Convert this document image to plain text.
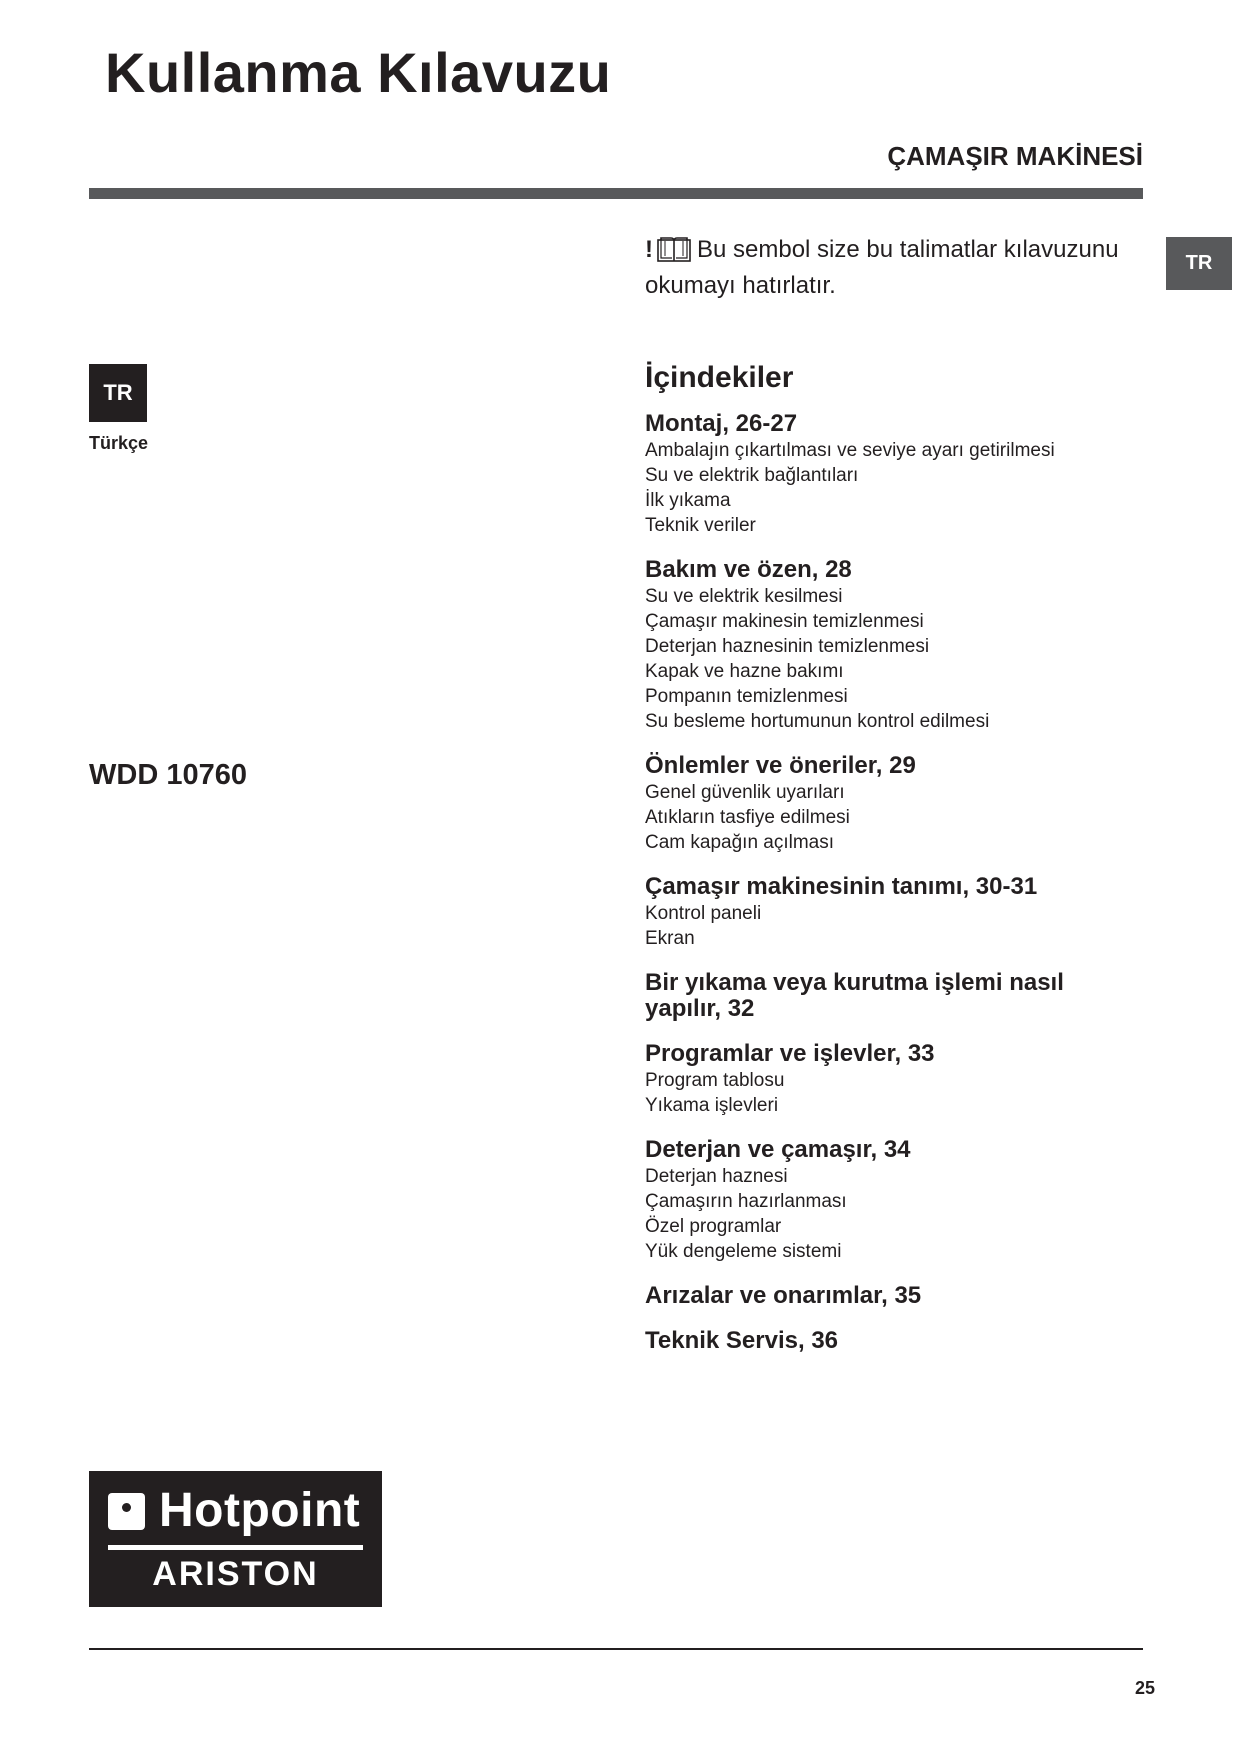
Kullanma Kılavuzu
ÇAMAŞIR MAKİNESİ
TR
! Bu sembol size bu talimatlar kılavuzunu okumayı hatırlatır.
TR
Türkçe
WDD 10760
İçindekiler
Montaj, 26-27
Ambalajın çıkartılması ve seviye ayarı getirilmesi
Su ve elektrik bağlantıları
İlk yıkama
Teknik veriler
Bakım ve özen, 28
Su ve elektrik kesilmesi
Çamaşır makinesin temizlenmesi
Deterjan haznesinin temizlenmesi
Kapak ve hazne bakımı
Pompanın temizlenmesi
Su besleme hortumunun kontrol edilmesi
Önlemler ve öneriler, 29
Genel güvenlik uyarıları
Atıkların tasfiye edilmesi
Cam kapağın açılması
Çamaşır makinesinin tanımı, 30-31
Kontrol paneli
Ekran
Bir yıkama veya kurutma işlemi nasıl yapılır, 32
Programlar ve işlevler, 33
Program tablosu
Yıkama işlevleri
Deterjan ve çamaşır, 34
Deterjan haznesi
Çamaşırın hazırlanması
Özel programlar
Yük dengeleme sistemi
Arızalar ve onarımlar, 35
Teknik Servis, 36
Hotpoint
ARISTON
25
